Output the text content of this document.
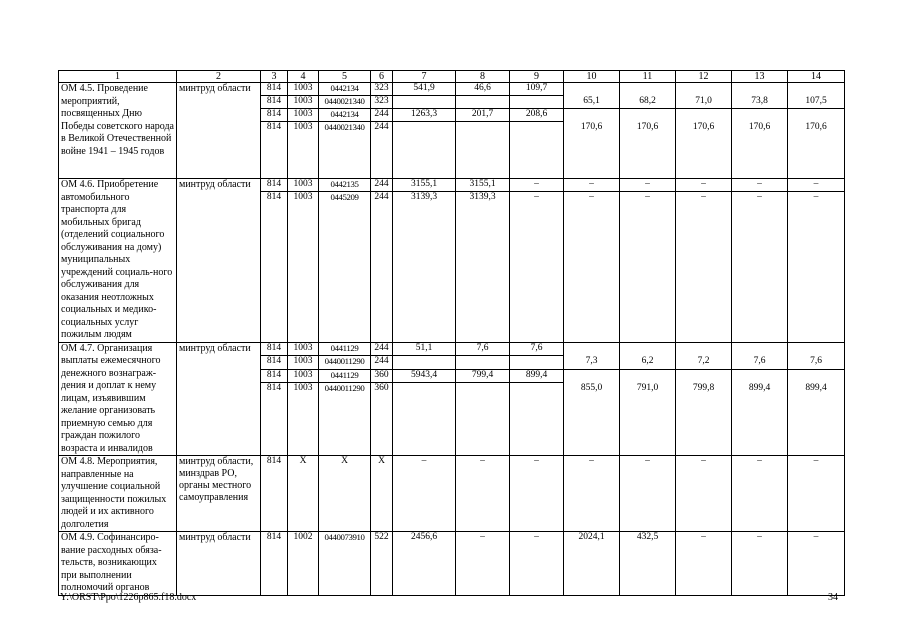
1	2	3	4	5	6	7	8	9	10	11	12	13	14
ОМ 4.5. Проведение мероприятий, посвященных Дню Победы советского народа в Великой Отечественной войне 1941 – 1945 годов	минтруд области	814	1003	0442134	323	541,9	46,6	109,7					
		814	1003	0440021340	323				65,1	68,2	71,0	73,8	107,5
		814	1003	0442134	244	1263,3	201,7	208,6					
		814	1003	0440021340	244				170,6	170,6	170,6	170,6	170,6
ОМ 4.6. Приобретение автомобильного транспорта для мобильных бригад (отделений социального обслуживания на дому) муниципальных учреждений социаль-ного обслуживания для оказания неотложных социальных и медико-социальных услуг пожилым людям	минтруд области	814	1003	0442135	244	3155,1	3155,1	–	–	–	–	–	–
		814	1003	0445209	244	3139,3	3139,3	–	–	–	–	–	–
ОМ 4.7. Организация выплаты ежемесячного денежного вознаграж-дения и доплат к нему лицам, изъявившим желание организовать приемную семью для граждан пожилого возраста и инвалидов	минтруд области	814	1003	0441129	244	51,1	7,6	7,6					
		814	1003	0440011290	244				7,3	6,2	7,2	7,6	7,6
		814	1003	0441129	360	5943,4	799,4	899,4					
		814	1003	0440011290	360				855,0	791,0	799,8	899,4	899,4
ОМ 4.8. Мероприятия, направленные на улучшение социальной защищенности пожилых людей и их активного долголетия	минтруд области, минздрав РО, органы местного самоуправления	814	Х	Х	Х	–	–	–	–	–	–	–	–
ОМ 4.9. Софинансиро-вание расходных обяза-тельств, возникающих при выполнении полномочий органов	минтруд области	814	1002	0440073910	522	2456,6	–	–	2024,1	432,5	–	–	–
Y:\ORST\Ppo\1226p865.f18.docx	34
